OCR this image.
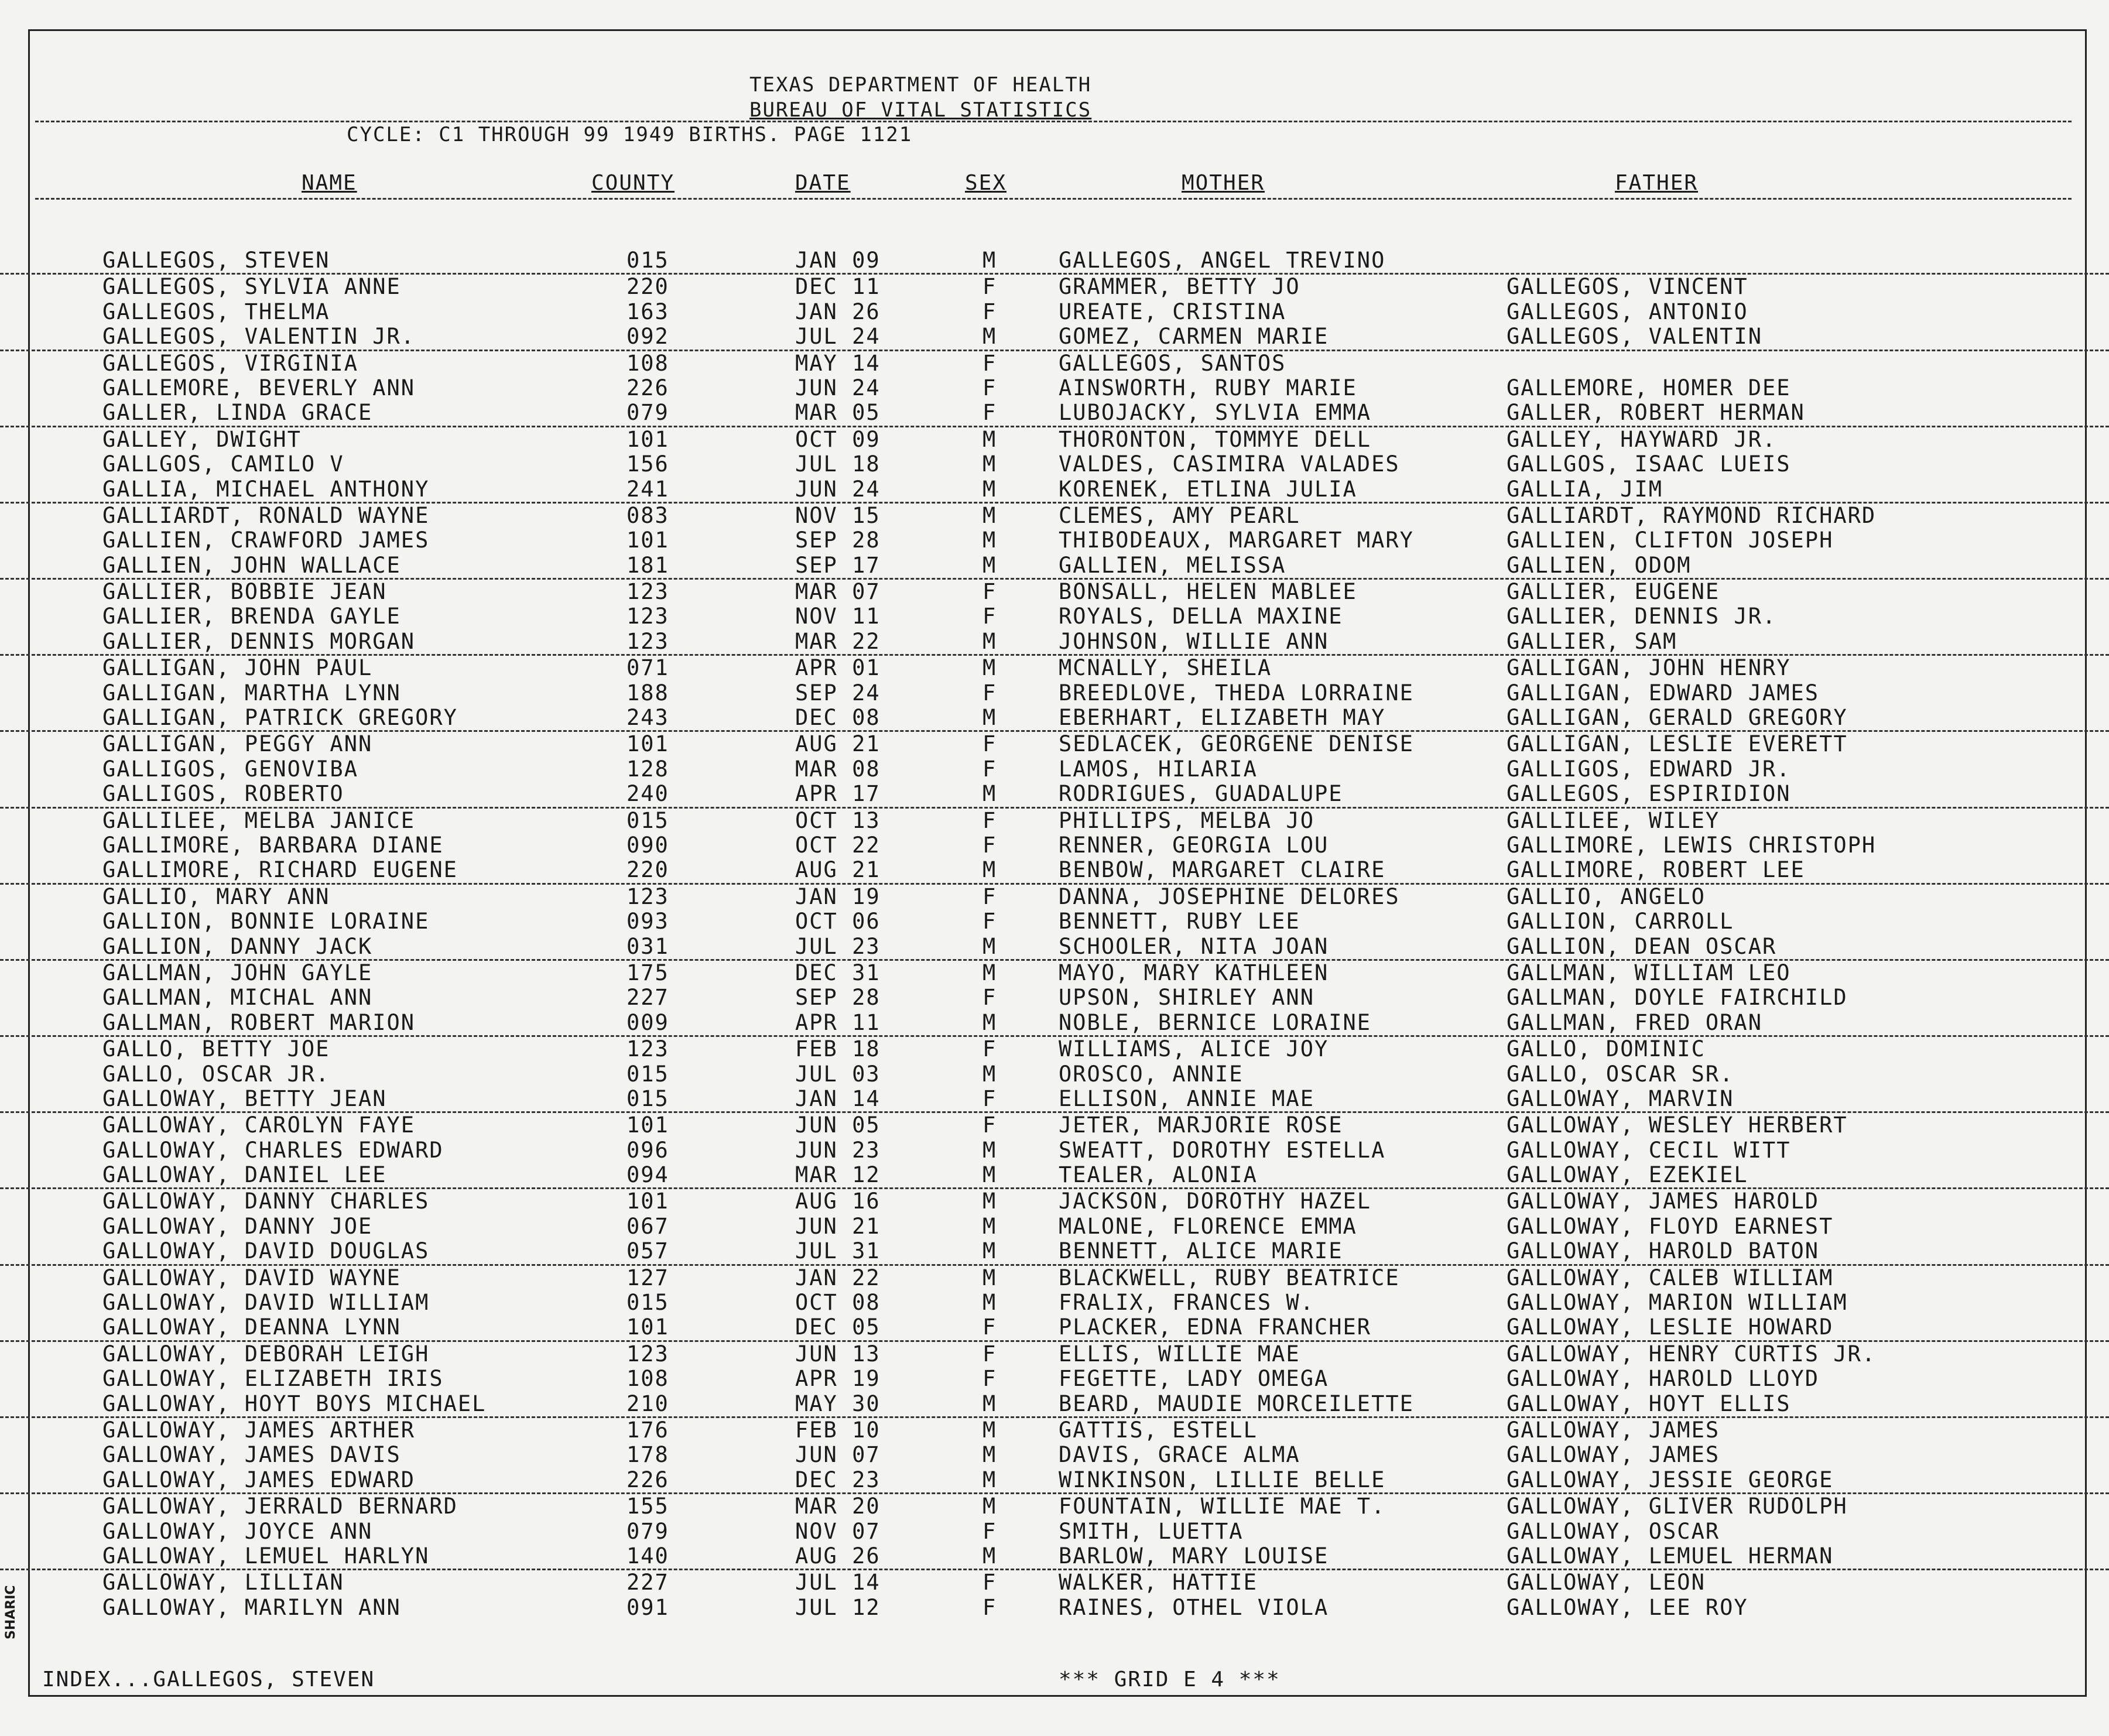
TEXAS DEPARTMENT OF HEALTH
BUREAU OF VITAL STATISTICS
CYCLE: C1 THROUGH 99 1949 BIRTHS. PAGE 1121
NAME	COUNTY	DATE	SEX	MOTHER	FATHER
GALLEGOS, STEVEN	015	JAN 09	M	GALLEGOS, ANGEL TREVINO
GALLEGOS, SYLVIA ANNE	220	DEC 11	F	GRAMMER, BETTY JO	GALLEGOS, VINCENT
GALLEGOS, THELMA	163	JAN 26	F	UREATE, CRISTINA	GALLEGOS, ANTONIO
GALLEGOS, VALENTIN JR.	092	JUL 24	M	GOMEZ, CARMEN MARIE	GALLEGOS, VALENTIN
GALLEGOS, VIRGINIA	108	MAY 14	F	GALLEGOS, SANTOS
GALLEMORE, BEVERLY ANN	226	JUN 24	F	AINSWORTH, RUBY MARIE	GALLEMORE, HOMER DEE
GALLER, LINDA GRACE	079	MAR 05	F	LUBOJACKY, SYLVIA EMMA	GALLER, ROBERT HERMAN
GALLEY, DWIGHT	101	OCT 09	M	THORONTON, TOMMYE DELL	GALLEY, HAYWARD JR.
GALLGOS, CAMILO V	156	JUL 18	M	VALDES, CASIMIRA VALADES	GALLGOS, ISAAC LUEIS
GALLIA, MICHAEL ANTHONY	241	JUN 24	M	KORENEK, ETLINA JULIA	GALLIA, JIM
GALLIARDT, RONALD WAYNE	083	NOV 15	M	CLEMES, AMY PEARL	GALLIARDT, RAYMOND RICHARD
GALLIEN, CRAWFORD JAMES	101	SEP 28	M	THIBODEAUX, MARGARET MARY	GALLIEN, CLIFTON JOSEPH
GALLIEN, JOHN WALLACE	181	SEP 17	M	GALLIEN, MELISSA	GALLIEN, ODOM
GALLIER, BOBBIE JEAN	123	MAR 07	F	BONSALL, HELEN MABLEE	GALLIER, EUGENE
GALLIER, BRENDA GAYLE	123	NOV 11	F	ROYALS, DELLA MAXINE	GALLIER, DENNIS JR.
GALLIER, DENNIS MORGAN	123	MAR 22	M	JOHNSON, WILLIE ANN	GALLIER, SAM
GALLIGAN, JOHN PAUL	071	APR 01	M	MCNALLY, SHEILA	GALLIGAN, JOHN HENRY
GALLIGAN, MARTHA LYNN	188	SEP 24	F	BREEDLOVE, THEDA LORRAINE	GALLIGAN, EDWARD JAMES
GALLIGAN, PATRICK GREGORY	243	DEC 08	M	EBERHART, ELIZABETH MAY	GALLIGAN, GERALD GREGORY
GALLIGAN, PEGGY ANN	101	AUG 21	F	SEDLACEK, GEORGENE DENISE	GALLIGAN, LESLIE EVERETT
GALLIGOS, GENOVIBA	128	MAR 08	F	LAMOS, HILARIA	GALLIGOS, EDWARD JR.
GALLIGOS, ROBERTO	240	APR 17	M	RODRIGUES, GUADALUPE	GALLEGOS, ESPIRIDION
GALLILEE, MELBA JANICE	015	OCT 13	F	PHILLIPS, MELBA JO	GALLILEE, WILEY
GALLIMORE, BARBARA DIANE	090	OCT 22	F	RENNER, GEORGIA LOU	GALLIMORE, LEWIS CHRISTOPH
GALLIMORE, RICHARD EUGENE	220	AUG 21	M	BENBOW, MARGARET CLAIRE	GALLIMORE, ROBERT LEE
GALLIO, MARY ANN	123	JAN 19	F	DANNA, JOSEPHINE DELORES	GALLIO, ANGELO
GALLION, BONNIE LORAINE	093	OCT 06	F	BENNETT, RUBY LEE	GALLION, CARROLL
GALLION, DANNY JACK	031	JUL 23	M	SCHOOLER, NITA JOAN	GALLION, DEAN OSCAR
GALLMAN, JOHN GAYLE	175	DEC 31	M	MAYO, MARY KATHLEEN	GALLMAN, WILLIAM LEO
GALLMAN, MICHAL ANN	227	SEP 28	F	UPSON, SHIRLEY ANN	GALLMAN, DOYLE FAIRCHILD
GALLMAN, ROBERT MARION	009	APR 11	M	NOBLE, BERNICE LORAINE	GALLMAN, FRED ORAN
GALLO, BETTY JOE	123	FEB 18	F	WILLIAMS, ALICE JOY	GALLO, DOMINIC
GALLO, OSCAR JR.	015	JUL 03	M	OROSCO, ANNIE	GALLO, OSCAR SR.
GALLOWAY, BETTY JEAN	015	JAN 14	F	ELLISON, ANNIE MAE	GALLOWAY, MARVIN
GALLOWAY, CAROLYN FAYE	101	JUN 05	F	JETER, MARJORIE ROSE	GALLOWAY, WESLEY HERBERT
GALLOWAY, CHARLES EDWARD	096	JUN 23	M	SWEATT, DOROTHY ESTELLA	GALLOWAY, CECIL WITT
GALLOWAY, DANIEL LEE	094	MAR 12	M	TEALER, ALONIA	GALLOWAY, EZEKIEL
GALLOWAY, DANNY CHARLES	101	AUG 16	M	JACKSON, DOROTHY HAZEL	GALLOWAY, JAMES HAROLD
GALLOWAY, DANNY JOE	067	JUN 21	M	MALONE, FLORENCE EMMA	GALLOWAY, FLOYD EARNEST
GALLOWAY, DAVID DOUGLAS	057	JUL 31	M	BENNETT, ALICE MARIE	GALLOWAY, HAROLD BATON
GALLOWAY, DAVID WAYNE	127	JAN 22	M	BLACKWELL, RUBY BEATRICE	GALLOWAY, CALEB WILLIAM
GALLOWAY, DAVID WILLIAM	015	OCT 08	M	FRALIX, FRANCES W.	GALLOWAY, MARION WILLIAM
GALLOWAY, DEANNA LYNN	101	DEC 05	F	PLACKER, EDNA FRANCHER	GALLOWAY, LESLIE HOWARD
GALLOWAY, DEBORAH LEIGH	123	JUN 13	F	ELLIS, WILLIE MAE	GALLOWAY, HENRY CURTIS JR.
GALLOWAY, ELIZABETH IRIS	108	APR 19	F	FEGETTE, LADY OMEGA	GALLOWAY, HAROLD LLOYD
GALLOWAY, HOYT BOYS MICHAEL	210	MAY 30	M	BEARD, MAUDIE MORCEILETTE	GALLOWAY, HOYT ELLIS
GALLOWAY, JAMES ARTHER	176	FEB 10	M	GATTIS, ESTELL	GALLOWAY, JAMES
GALLOWAY, JAMES DAVIS	178	JUN 07	M	DAVIS, GRACE ALMA	GALLOWAY, JAMES
GALLOWAY, JAMES EDWARD	226	DEC 23	M	WINKINSON, LILLIE BELLE	GALLOWAY, JESSIE GEORGE
GALLOWAY, JERRALD BERNARD	155	MAR 20	M	FOUNTAIN, WILLIE MAE T.	GALLOWAY, GLIVER RUDOLPH
GALLOWAY, JOYCE ANN	079	NOV 07	F	SMITH, LUETTA	GALLOWAY, OSCAR
GALLOWAY, LEMUEL HARLYN	140	AUG 26	M	BARLOW, MARY LOUISE	GALLOWAY, LEMUEL HERMAN
GALLOWAY, LILLIAN	227	JUL 14	F	WALKER, HATTIE	GALLOWAY, LEON
GALLOWAY, MARILYN ANN	091	JUL 12	F	RAINES, OTHEL VIOLA	GALLOWAY, LEE ROY
INDEX...GALLEGOS, STEVEN	*** GRID E 4 ***
SHARIC
